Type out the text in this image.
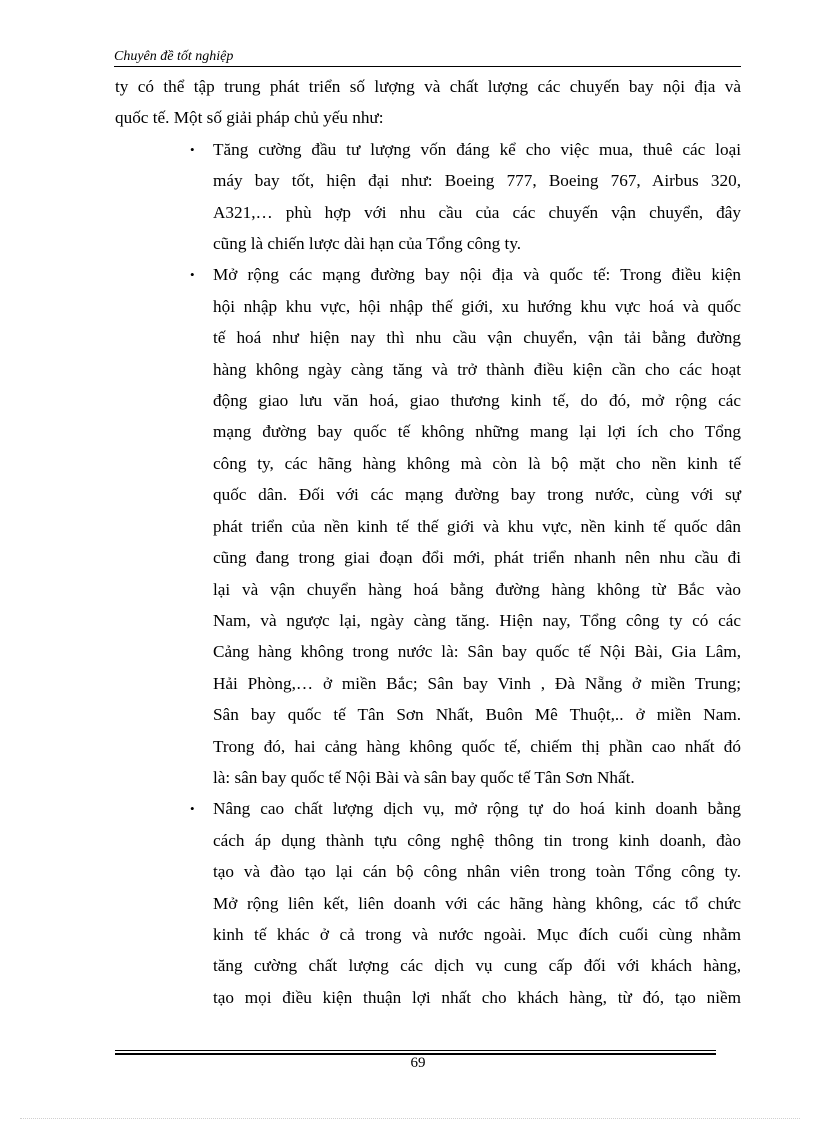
Chuyên đề tốt nghiệp

ty có thể tập trung phát triển số lượng và chất lượng các chuyến bay nội địa và
quốc tế. Một số giải pháp chủ yếu như:

• Tăng cường đầu tư lượng vốn đáng kể cho việc mua, thuê các loại
máy bay tốt, hiện đại như: Boeing 777, Boeing 767, Airbus 320,
A321,… phù hợp với nhu cầu của các chuyến vận chuyển, đây
cũng là chiến lược dài hạn của Tổng công ty.
• Mở rộng các mạng đường bay nội địa và quốc tế: Trong điều kiện
hội nhập khu vực, hội nhập thế giới, xu hướng khu vực hoá và quốc
tế hoá như hiện nay thì nhu cầu vận chuyển, vận tải bằng đường
hàng không ngày càng tăng và trở thành điều kiện cần cho các hoạt
động giao lưu văn hoá, giao thương kinh tế, do đó, mở rộng các
mạng đường bay quốc tế không những mang lại lợi ích cho Tổng
công ty, các hãng hàng không mà còn là bộ mặt cho nền kinh tế
quốc dân. Đối với các mạng đường bay trong nước, cùng với sự
phát triển của nền kinh tế thế giới và khu vực, nền kinh tế quốc dân
cũng đang trong giai đoạn đổi mới, phát triển nhanh nên nhu cầu đi
lại và vận chuyển hàng hoá bằng đường hàng không từ Bắc vào
Nam, và ngược lại, ngày càng tăng. Hiện nay, Tổng công ty có các
Cảng hàng không trong nước là: Sân bay quốc tế Nội Bài, Gia Lâm,
Hải Phòng,… ở miền Bắc; Sân bay Vinh , Đà Nẵng ở miền Trung;
Sân bay quốc tế Tân Sơn Nhất, Buôn Mê Thuột,.. ở miền Nam.
Trong đó, hai cảng hàng không quốc tế, chiếm thị phần cao nhất đó
là: sân bay quốc tế Nội Bài và sân bay quốc tế Tân Sơn Nhất.
• Nâng cao chất lượng dịch vụ, mở rộng tự do hoá kinh doanh bằng
cách áp dụng thành tựu công nghệ thông tin trong kinh doanh, đào
tạo và đào tạo lại cán bộ công nhân viên trong toàn Tổng công ty.
Mở rộng liên kết, liên doanh với các hãng hàng không, các tổ chức
kinh tế khác ở cả trong và nước ngoài. Mục đích cuối cùng nhằm
tăng cường chất lượng các dịch vụ cung cấp đối với khách hàng,
tạo mọi điều kiện thuận lợi nhất cho khách hàng, từ đó, tạo niềm
69
